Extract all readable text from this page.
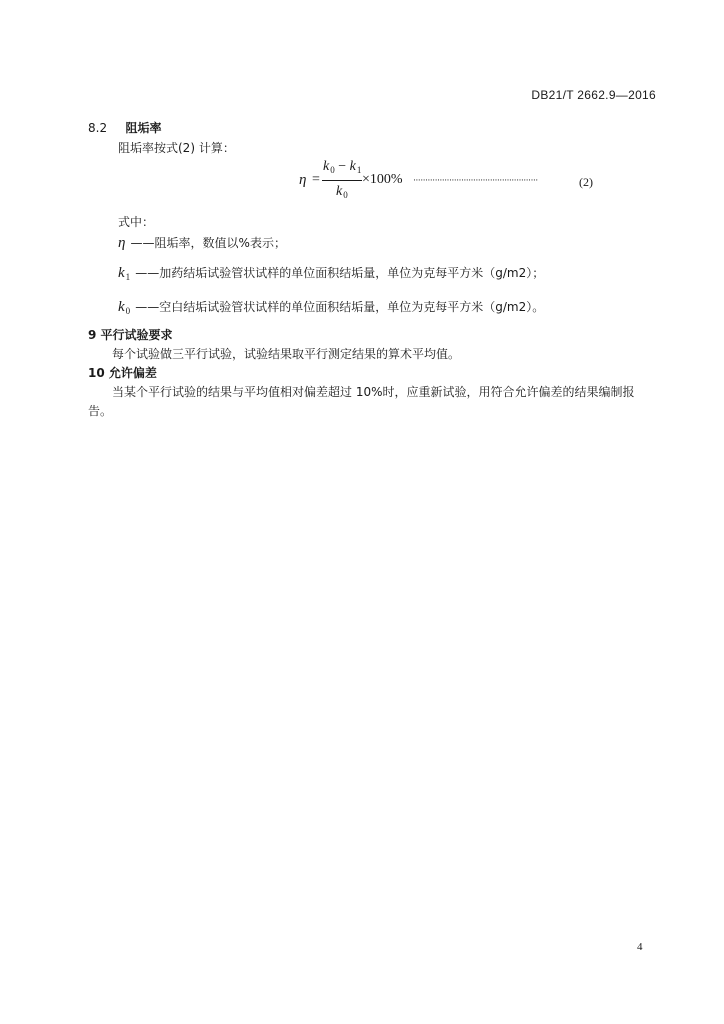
DB21/T 2662.9—2016
8.2 阻垢率
阻垢率按式(2) 计算：
η =
$k_0 - k_1$
$k_0$
×100% ····················································	(2)
式中：
η ——阻垢率，数值以%表示；
k1 ——加药结垢试验管状试样的单位面积结垢量，单位为克每平方米（g/m2）；
k0 ——空白结垢试验管状试样的单位面积结垢量，单位为克每平方米（g/m2）。
9 平行试验要求
每个试验做三平行试验，试验结果取平行测定结果的算术平均值。
10 允许偏差
当某个平行试验的结果与平均值相对偏差超过 10%时，应重新试验，用符合允许偏差的结果编制报
告。
4
